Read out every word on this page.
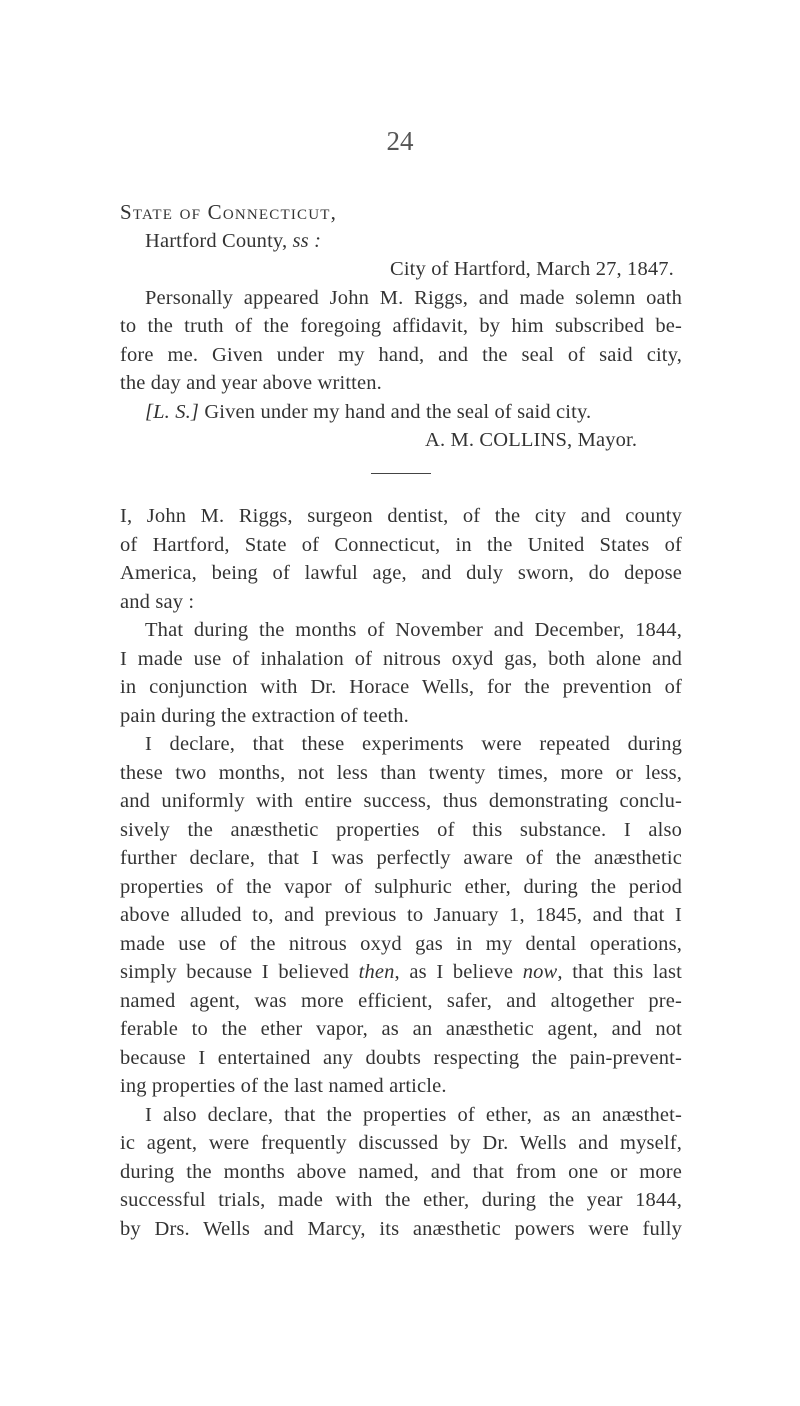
24
State of Connecticut,
Hartford County, ss :
City of Hartford, March 27, 1847.
Personally appeared John M. Riggs, and made solemn oath
to the truth of the foregoing affidavit, by him subscribed be-
fore me. Given under my hand, and the seal of said city,
the day and year above written.
[L. S.] Given under my hand and the seal of said city.
A. M. COLLINS, Mayor.
I, John M. Riggs, surgeon dentist, of the city and county
of Hartford, State of Connecticut, in the United States of
America, being of lawful age, and duly sworn, do depose
and say :
That during the months of November and December, 1844,
I made use of inhalation of nitrous oxyd gas, both alone and
in conjunction with Dr. Horace Wells, for the prevention of
pain during the extraction of teeth.
I declare, that these experiments were repeated during
these two months, not less than twenty times, more or less,
and uniformly with entire success, thus demonstrating conclu-
sively the anæsthetic properties of this substance. I also
further declare, that I was perfectly aware of the anæsthetic
properties of the vapor of sulphuric ether, during the period
above alluded to, and previous to January 1, 1845, and that I
made use of the nitrous oxyd gas in my dental operations,
simply because I believed then, as I believe now, that this last
named agent, was more efficient, safer, and altogether pre-
ferable to the ether vapor, as an anæsthetic agent, and not
because I entertained any doubts respecting the pain-prevent-
ing properties of the last named article.
I also declare, that the properties of ether, as an anæsthet-
ic agent, were frequently discussed by Dr. Wells and myself,
during the months above named, and that from one or more
successful trials, made with the ether, during the year 1844,
by Drs. Wells and Marcy, its anæsthetic powers were fully
